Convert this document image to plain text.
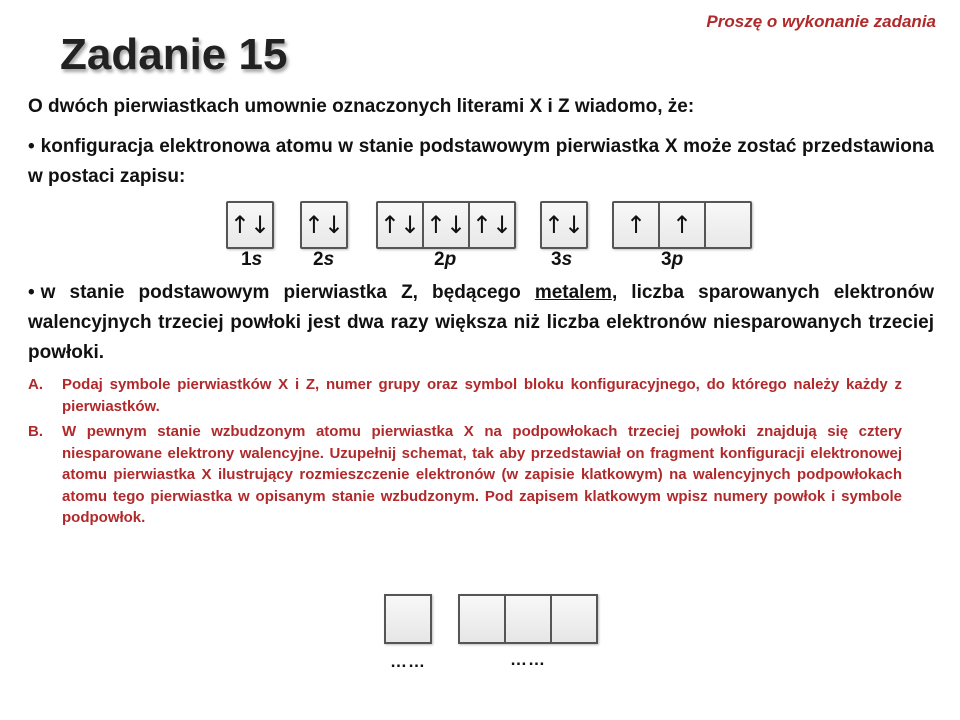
Proszę o wykonanie zadania
Zadanie 15
O dwóch pierwiastkach umownie oznaczonych literami X i Z wiadomo, że:
• konfiguracja elektronowa atomu w stanie podstawowym pierwiastka X może zostać przedstawiona w postaci zapisu:
↑↓ ↑↓ ↑↓ ↑↓ ↑↓ ↑↓	↑	↑
1s	2s	2p	3s	3p
• w stanie podstawowym pierwiastka Z, będącego metalem, liczba sparowanych elektronów walencyjnych trzeciej powłoki jest dwa razy większa niż liczba elektronów niesparowanych trzeciej powłoki.
A.	Podaj symbole pierwiastków X i Z, numer grupy oraz symbol bloku konfiguracyjnego, do którego należy każdy z pierwiastków.
B.	W pewnym stanie wzbudzonym atomu pierwiastka X na podpowłokach trzeciej powłoki znajdują się cztery niesparowane elektrony walencyjne. Uzupełnij schemat, tak aby przedstawiał on fragment konfiguracji elektronowej atomu pierwiastka X ilustrujący rozmieszczenie elektronów (w zapisie klatkowym) na walencyjnych podpowłokach atomu tego pierwiastka w opisanym stanie wzbudzonym. Pod zapisem klatkowym wpisz numery powłok i symbole podpowłok.
……	……
